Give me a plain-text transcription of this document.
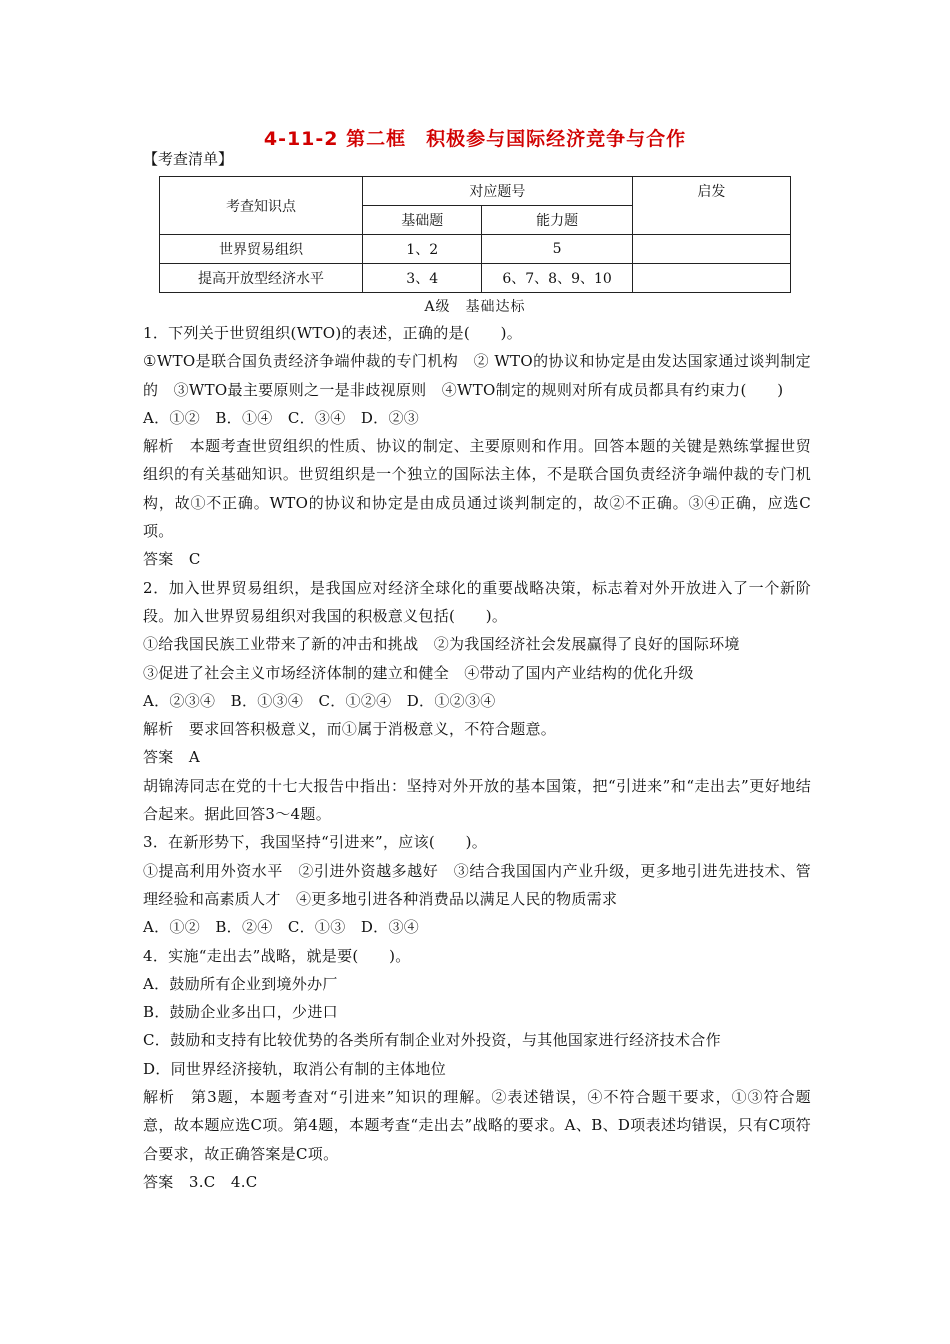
4-11-2 第二框　积极参与国际经济竞争与合作
【考查清单】
考查知识点	对应题号		启发
	基础题	能力题	
世界贸易组织	1、2	5	
提高开放型经济水平	3、4	6、7、8、9、10	
A级　基础达标

1．下列关于世贸组织(WTO)的表述，正确的是(　　)。

①WTO是联合国负责经济争端仲裁的专门机构　② WTO的协议和协定是由发达国家通过谈判制定的　③WTO最主要原则之一是非歧视原则　④WTO制定的规则对所有成员都具有约束力(　　)

A．①②　B．①④　C．③④　D．②③

解析　本题考查世贸组织的性质、协议的制定、主要原则和作用。回答本题的关键是熟练掌握世贸组织的有关基础知识。世贸组织是一个独立的国际法主体，不是联合国负责经济争端仲裁的专门机构，故①不正确。WTO的协议和协定是由成员通过谈判制定的，故②不正确。③④正确，应选C项。

答案　C

2．加入世界贸易组织，是我国应对经济全球化的重要战略决策，标志着对外开放进入了一个新阶段。加入世界贸易组织对我国的积极意义包括(　　)。

①给我国民族工业带来了新的冲击和挑战　②为我国经济社会发展赢得了良好的国际环境

③促进了社会主义市场经济体制的建立和健全　④带动了国内产业结构的优化升级

A．②③④　B．①③④　C．①②④　D．①②③④

解析　要求回答积极意义，而①属于消极意义，不符合题意。

答案　A

胡锦涛同志在党的十七大报告中指出：坚持对外开放的基本国策，把“引进来”和“走出去”更好地结合起来。据此回答3～4题。

3．在新形势下，我国坚持“引进来”，应该(　　)。

①提高利用外资水平　②引进外资越多越好　③结合我国国内产业升级，更多地引进先进技术、管理经验和高素质人才　④更多地引进各种消费品以满足人民的物质需求

A．①②　B．②④　C．①③　D．③④

4．实施“走出去”战略，就是要(　　)。

A．鼓励所有企业到境外办厂

B．鼓励企业多出口，少进口

C．鼓励和支持有比较优势的各类所有制企业对外投资，与其他国家进行经济技术合作

D．同世界经济接轨，取消公有制的主体地位

解析　第3题，本题考查对“引进来”知识的理解。②表述错误，④不符合题干要求，①③符合题意，故本题应选C项。第4题，本题考查“走出去”战略的要求。A、B、D项表述均错误，只有C项符合要求，故正确答案是C项。

答案　3.C　4.C
